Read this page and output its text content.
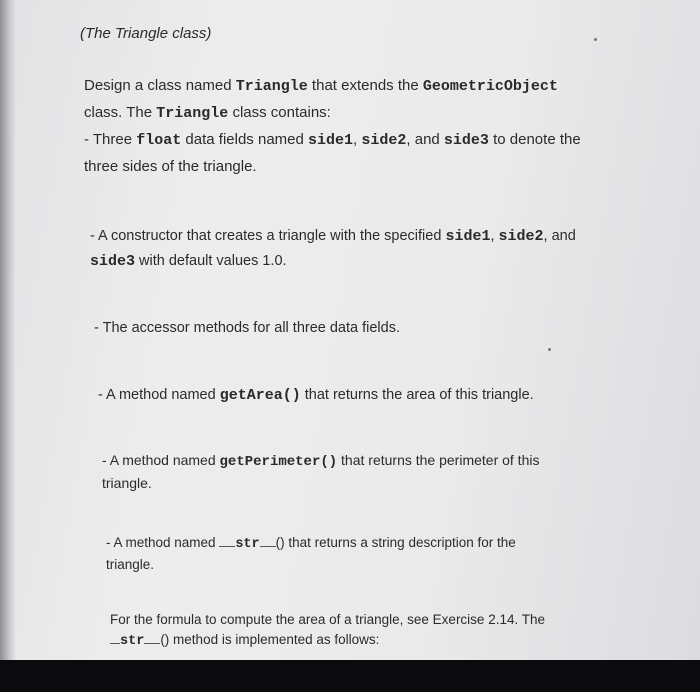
(The Triangle class)
Design a class named Triangle that extends the GeometricObject
class. The Triangle class contains:
- Three float data fields named side1, side2, and side3 to denote the
three sides of the triangle.
- A constructor that creates a triangle with the specified side1, side2, and
side3 with default values 1.0.
- The accessor methods for all three data fields.
- A method named getArea() that returns the area of this triangle.
- A method named getPerimeter() that returns the perimeter of this
triangle.
- A method named str () that returns a string description for the
triangle.
For the formula to compute the area of a triangle, see Exercise 2.14. The
str () method is implemented as follows:
